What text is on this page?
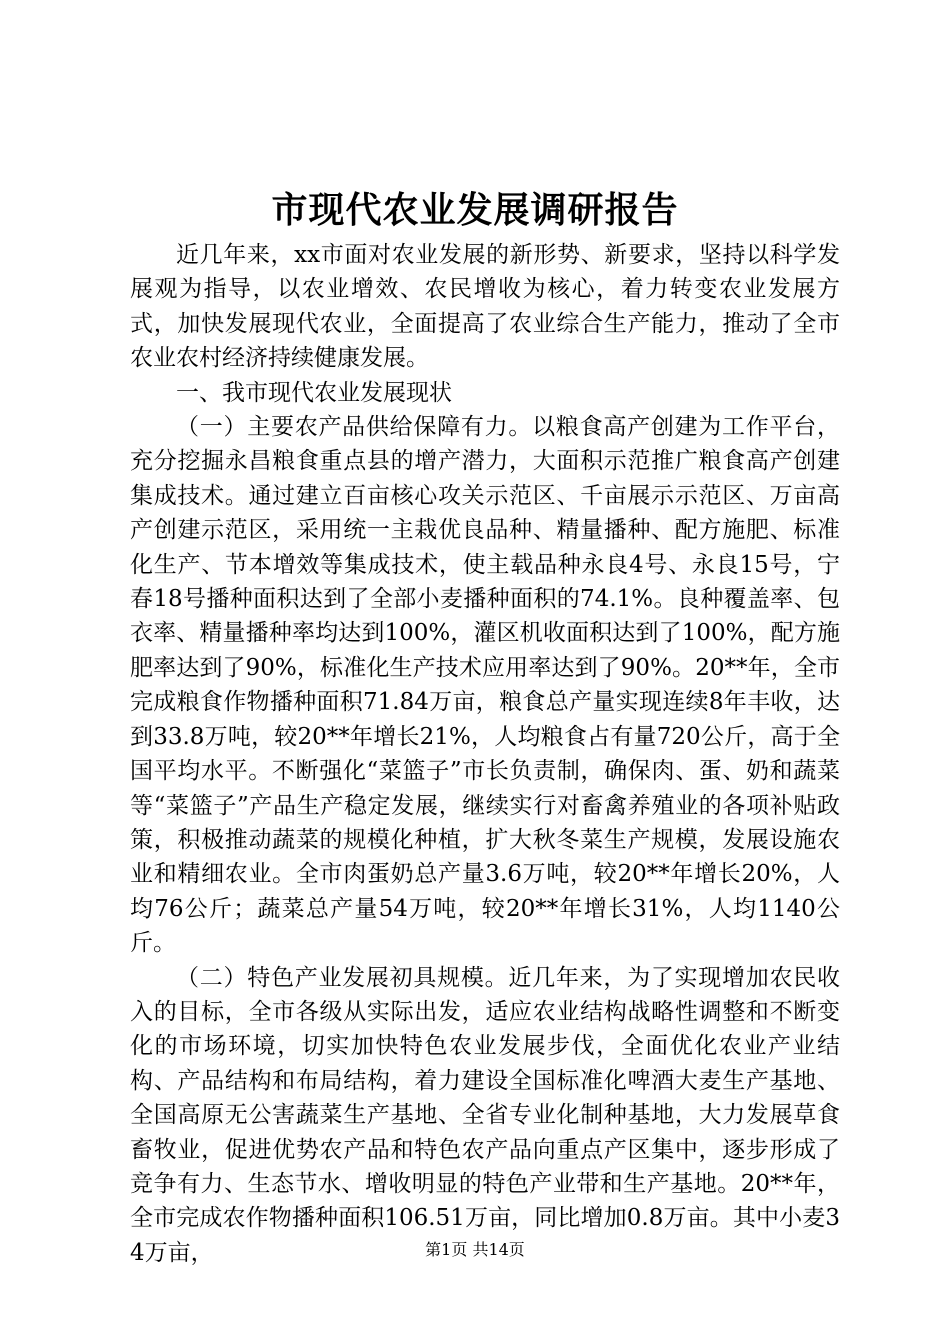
市现代农业发展调研报告

近几年来，xx市面对农业发展的新形势、新要求，坚持以科学发展观为指导，以农业增效、农民增收为核心，着力转变农业发展方式，加快发展现代农业，全面提高了农业综合生产能力，推动了全市农业农村经济持续健康发展。

一、我市现代农业发展现状

（一）主要农产品供给保障有力。以粮食高产创建为工作平台，充分挖掘永昌粮食重点县的增产潜力，大面积示范推广粮食高产创建集成技术。通过建立百亩核心攻关示范区、千亩展示示范区、万亩高产创建示范区，采用统一主栽优良品种、精量播种、配方施肥、标准化生产、节本增效等集成技术，使主载品种永良4号、永良15号，宁春18号播种面积达到了全部小麦播种面积的74.1%。良种覆盖率、包衣率、精量播种率均达到100%，灌区机收面积达到了100%，配方施肥率达到了90%，标准化生产技术应用率达到了90%。20**年，全市完成粮食作物播种面积71.84万亩，粮食总产量实现连续8年丰收，达到33.8万吨，较20**年增长21%，人均粮食占有量720公斤，高于全国平均水平。不断强化“菜篮子”市长负责制，确保肉、蛋、奶和蔬菜等“菜篮子”产品生产稳定发展，继续实行对畜禽养殖业的各项补贴政策，积极推动蔬菜的规模化种植，扩大秋冬菜生产规模，发展设施农业和精细农业。全市肉蛋奶总产量3.6万吨，较20**年增长20%，人均76公斤；蔬菜总产量54万吨，较20**年增长31%，人均1140公斤。

（二）特色产业发展初具规模。近几年来，为了实现增加农民收入的目标，全市各级从实际出发，适应农业结构战略性调整和不断变化的市场环境，切实加快特色农业发展步伐，全面优化农业产业结构、产品结构和布局结构，着力建设全国标准化啤酒大麦生产基地、全国高原无公害蔬菜生产基地、全省专业化制种基地，大力发展草食畜牧业，促进优势农产品和特色农产品向重点产区集中，逐步形成了竞争有力、生态节水、增收明显的特色产业带和生产基地。20**年，全市完成农作物播种面积106.51万亩，同比增加0.8万亩。其中小麦34万亩，	第1页 共14页
